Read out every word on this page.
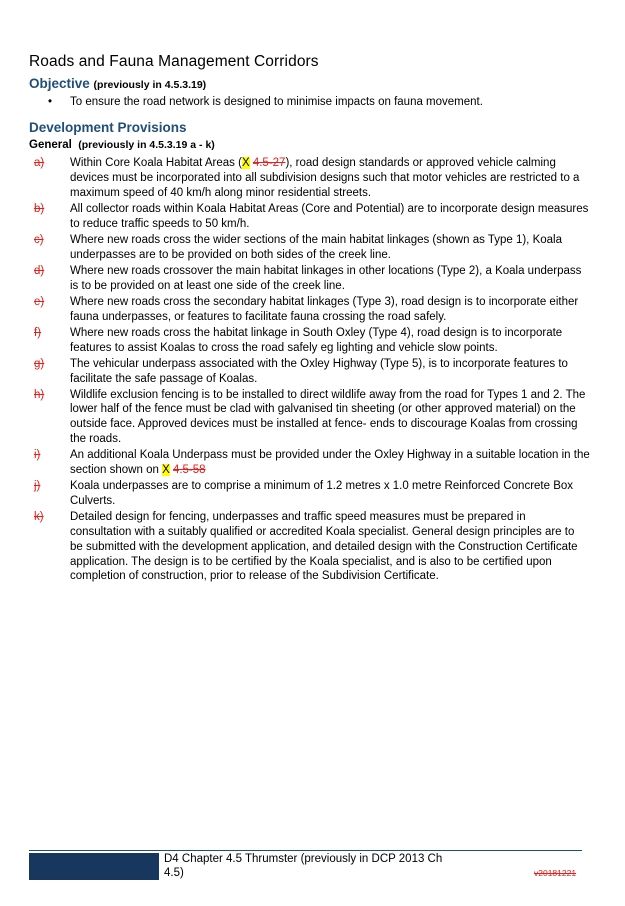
Roads and Fauna Management Corridors
Objective (previously in 4.5.3.19)
• To ensure the road network is designed to minimise impacts on fauna movement.
Development Provisions
General (previously in 4.5.3.19 a - k)
a)	Within Core Koala Habitat Areas (X 4.5-27), road design standards or approved vehicle calming devices must be incorporated into all subdivision designs such that motor vehicles are restricted to a maximum speed of 40 km/h along minor residential streets.
b)	All collector roads within Koala Habitat Areas (Core and Potential) are to incorporate design measures to reduce traffic speeds to 50 km/h.
c)	Where new roads cross the wider sections of the main habitat linkages (shown as Type 1), Koala underpasses are to be provided on both sides of the creek line.
d)	Where new roads crossover the main habitat linkages in other locations (Type 2), a Koala underpass is to be provided on at least one side of the creek line.
e)	Where new roads cross the secondary habitat linkages (Type 3), road design is to incorporate either fauna underpasses, or features to facilitate fauna crossing the road safely.
f)	Where new roads cross the habitat linkage in South Oxley (Type 4), road design is to incorporate features to assist Koalas to cross the road safely eg lighting and vehicle slow points.
g)	The vehicular underpass associated with the Oxley Highway (Type 5), is to incorporate features to facilitate the safe passage of Koalas.
h)	Wildlife exclusion fencing is to be installed to direct wildlife away from the road for Types 1 and 2. The lower half of the fence must be clad with galvanised tin sheeting (or other approved material) on the outside face. Approved devices must be installed at fence- ends to discourage Koalas from crossing the roads.
i)	An additional Koala Underpass must be provided under the Oxley Highway in a suitable location in the section shown on X 4.5-58
j)	Koala underpasses are to comprise a minimum of 1.2 metres x 1.0 metre Reinforced Concrete Box Culverts.
k)	Detailed design for fencing, underpasses and traffic speed measures must be prepared in consultation with a suitably qualified or accredited Koala specialist. General design principles are to be submitted with the development application, and detailed design with the Construction Certificate application. The design is to be certified by the Koala specialist, and is also to be certified upon completion of construction, prior to release of the Subdivision Certificate.
D4 Chapter 4.5 Thrumster (previously in DCP 2013 Ch 4.5)	v20181221
